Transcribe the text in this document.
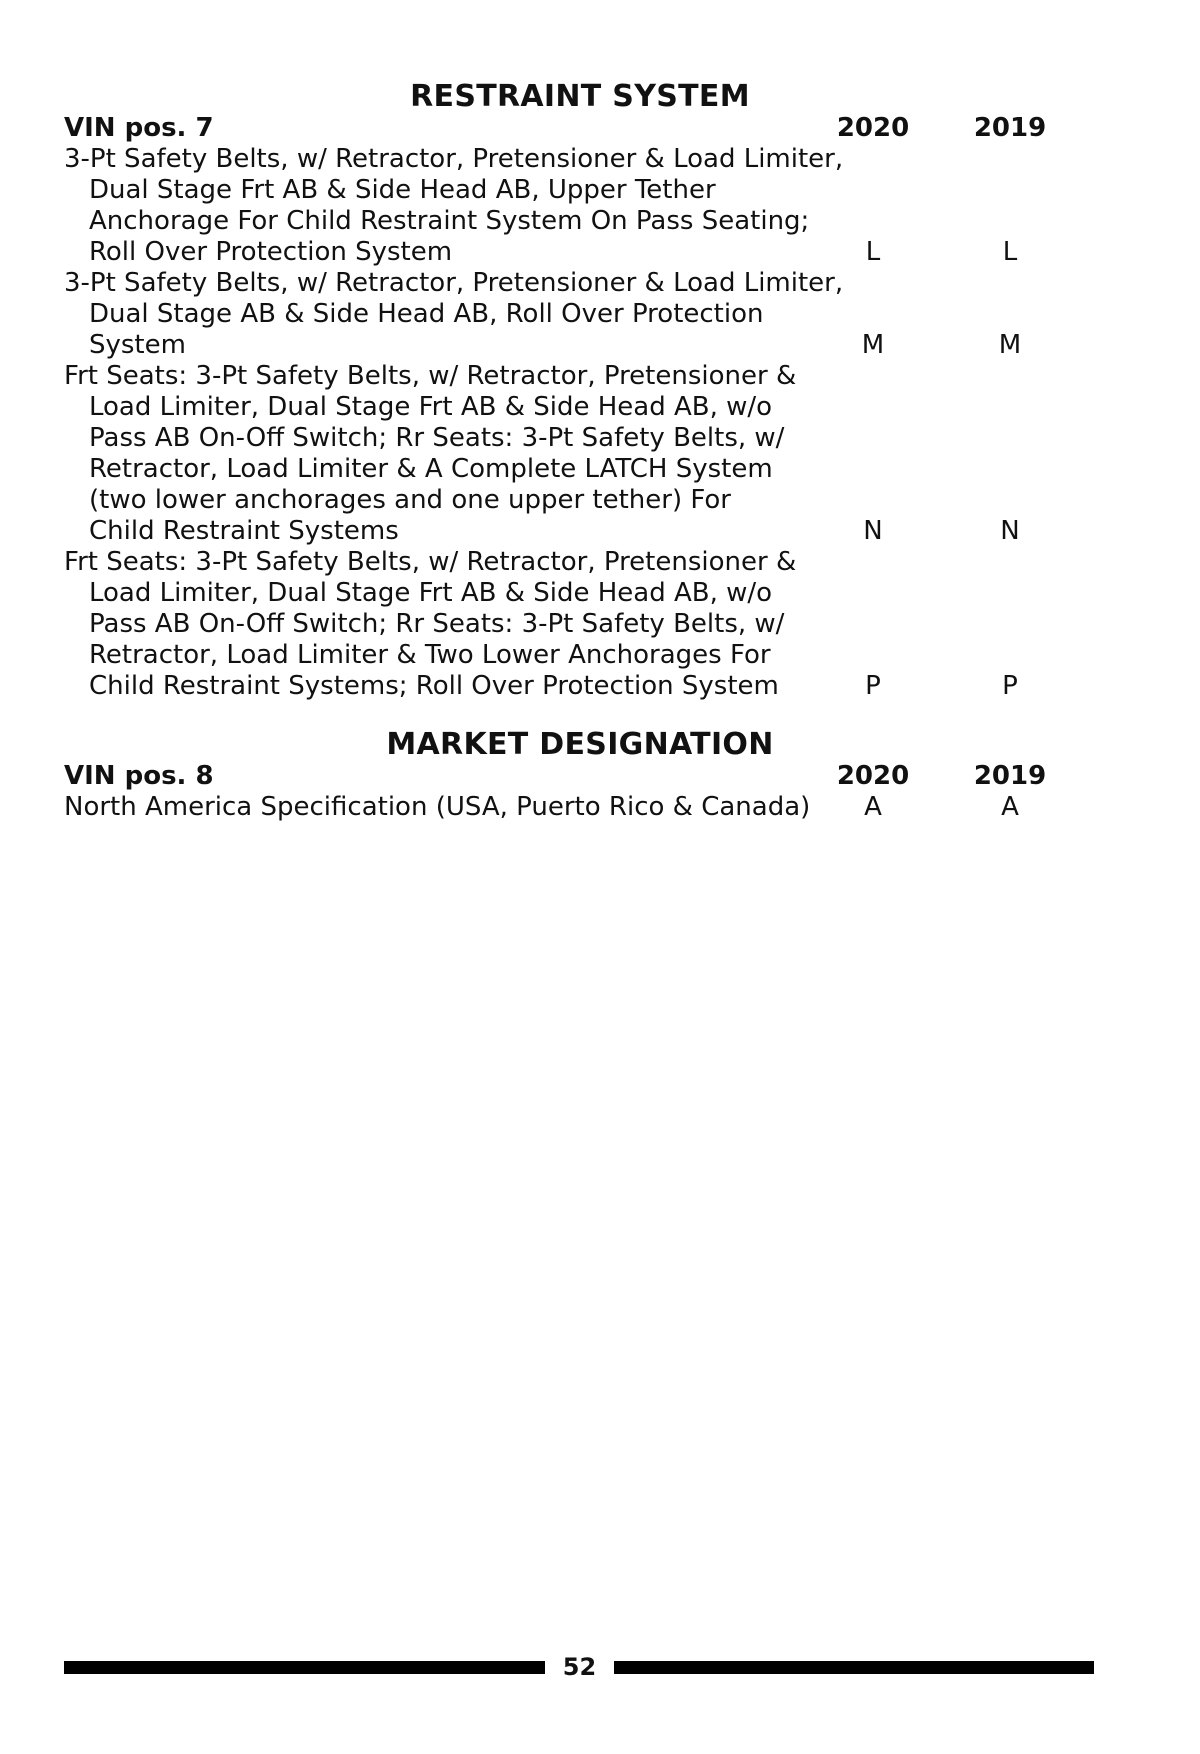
RESTRAINT SYSTEM
VIN pos. 7	2020	2019
3-Pt Safety Belts, w/ Retractor, Pretensioner & Load Limiter,
Dual Stage Frt AB & Side Head AB, Upper Tether
Anchorage For Child Restraint System On Pass Seating;
Roll Over Protection System	L	L
3-Pt Safety Belts, w/ Retractor, Pretensioner & Load Limiter,
Dual Stage AB & Side Head AB, Roll Over Protection
System	M	M
Frt Seats: 3-Pt Safety Belts, w/ Retractor, Pretensioner &
Load Limiter, Dual Stage Frt AB & Side Head AB, w/o
Pass AB On-Off Switch; Rr Seats: 3-Pt Safety Belts, w/
Retractor, Load Limiter & A Complete LATCH System
(two lower anchorages and one upper tether) For
Child Restraint Systems	N	N
Frt Seats: 3-Pt Safety Belts, w/ Retractor, Pretensioner &
Load Limiter, Dual Stage Frt AB & Side Head AB, w/o
Pass AB On-Off Switch; Rr Seats: 3-Pt Safety Belts, w/
Retractor, Load Limiter & Two Lower Anchorages For
Child Restraint Systems; Roll Over Protection System	P	P
MARKET DESIGNATION
VIN pos. 8	2020	2019
North America Specification (USA, Puerto Rico & Canada)	A	A
52
